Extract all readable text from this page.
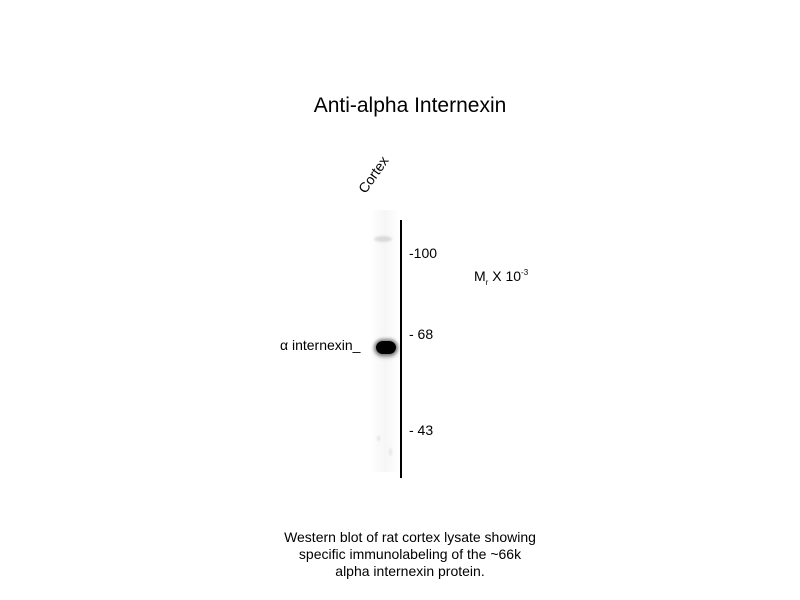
Anti-alpha Internexin
Cortex
-100
- 68
- 43
α internexin_
$M_r$ X $10^{-3}$
Western blot of rat cortex lysate showing
specific immunolabeling of the ~66k
alpha internexin protein.
